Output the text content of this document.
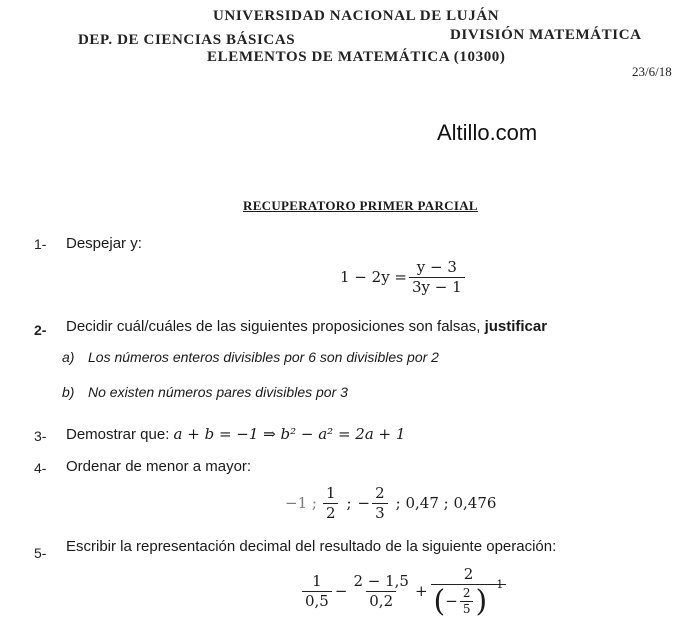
UNIVERSIDAD NACIONAL DE LUJÁN
DEP. DE CIENCIAS BÁSICAS	DIVISIÓN MATEMÁTICA
ELEMENTOS DE MATEMÁTICA (10300)
23/6/18
Altillo.com
RECUPERATORO PRIMER PARCIAL
1- Despejar y:
$1 - 2y = \frac{y - 3}{3y - 1}$
2- Decidir cuál/cuáles de las siguientes proposiciones son falsas, justificar
a) Los números enteros divisibles por 6 son divisibles por 2
b) No existen números pares divisibles por 3
3- Demostrar que: a + b = −1 ⇒ b² − a² = 2a + 1
4- Ordenar de menor a mayor:
−1 ; $\frac{1}{2}$ ; − $\frac{2}{3}$ ; 0,47̄ ; 0,476
5- Escribir la representación decimal del resultado de la siguiente operación:
$\frac{1}{0,5} - \frac{2 - 1,5}{0,2} + \frac{2}{( - \frac{2}{5} )^{-1}}$
